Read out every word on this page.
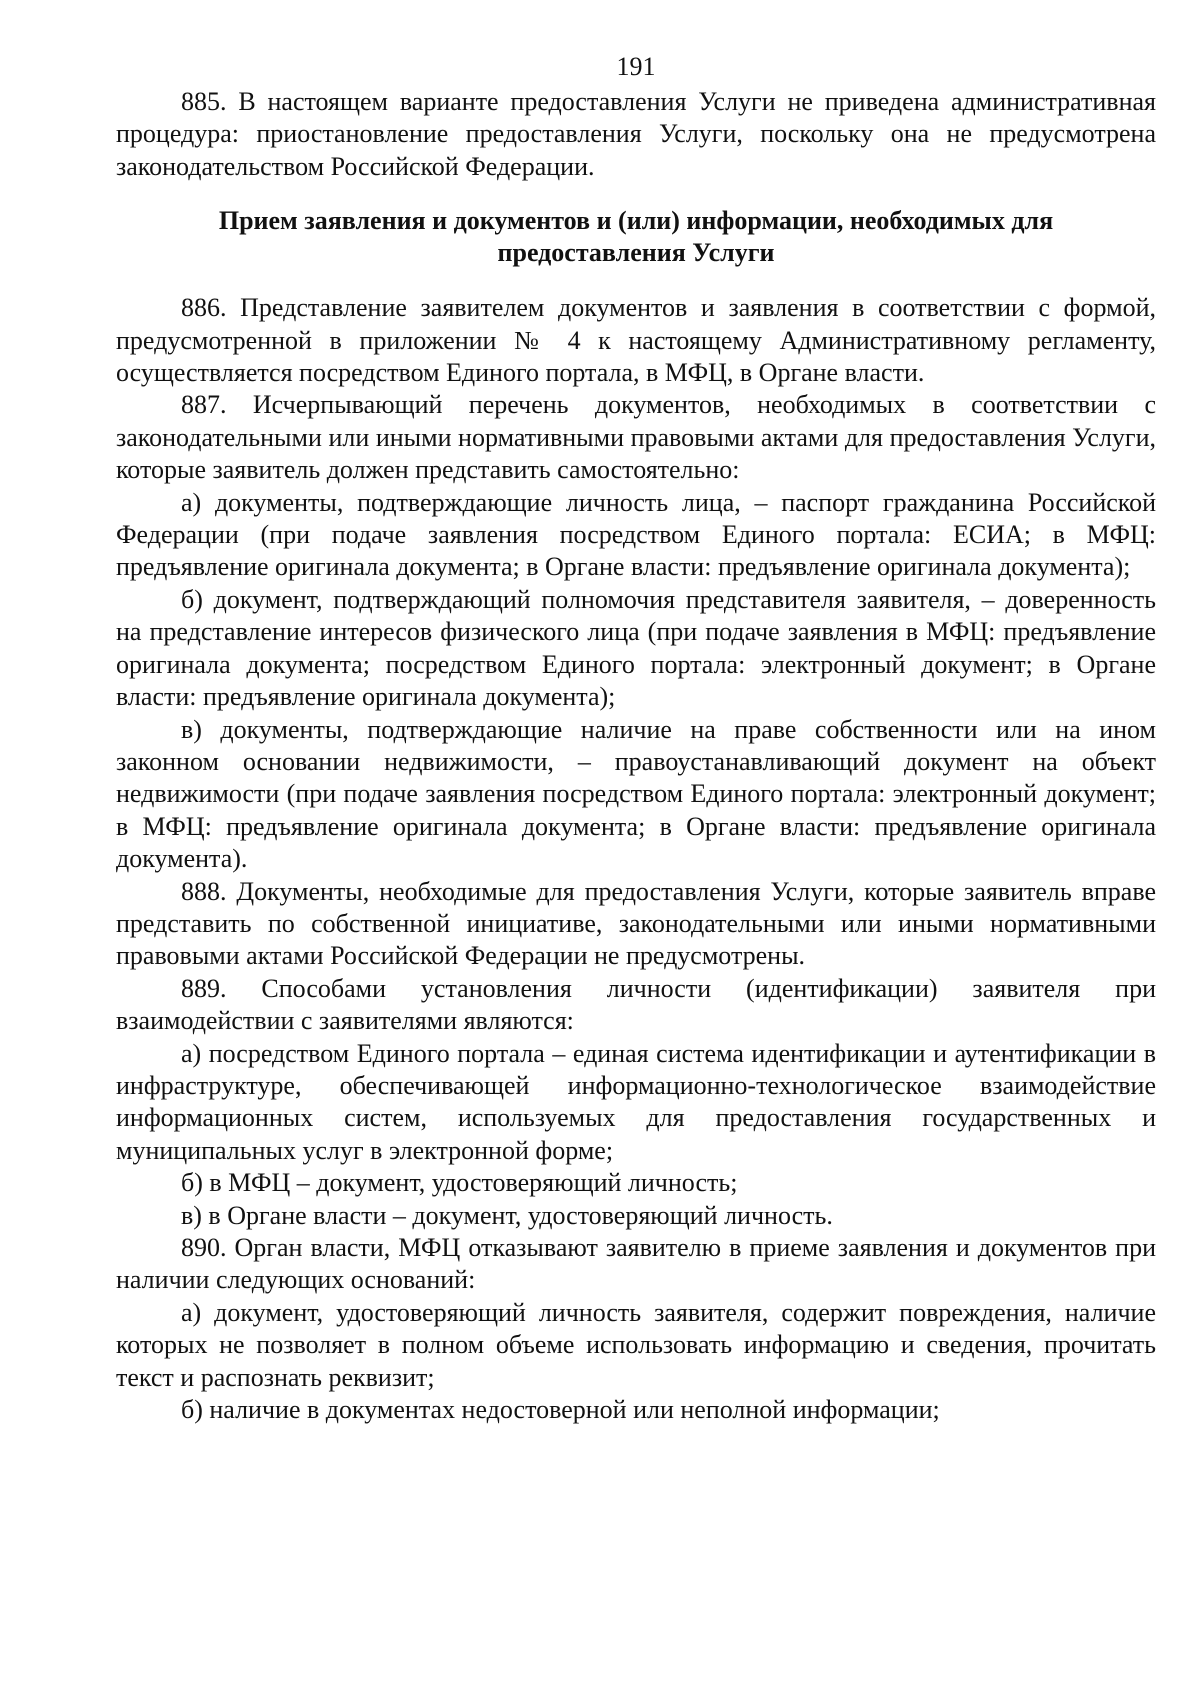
191

885. В настоящем варианте предоставления Услуги не приведена административная процедура: приостановление предоставления Услуги, поскольку она не предусмотрена законодательством Российской Федерации.

Прием заявления и документов и (или) информации, необходимых для предоставления Услуги

886. Представление заявителем документов и заявления в соответствии с формой, предусмотренной в приложении № 4 к настоящему Административному регламенту, осуществляется посредством Единого портала, в МФЦ, в Органе власти.

887. Исчерпывающий перечень документов, необходимых в соответствии с законодательными или иными нормативными правовыми актами для предоставления Услуги, которые заявитель должен представить самостоятельно:

а) документы, подтверждающие личность лица, – паспорт гражданина Российской Федерации (при подаче заявления посредством Единого портала: ЕСИА; в МФЦ: предъявление оригинала документа; в Органе власти: предъявление оригинала документа);

б) документ, подтверждающий полномочия представителя заявителя, – доверенность на представление интересов физического лица (при подаче заявления в МФЦ: предъявление оригинала документа; посредством Единого портала: электронный документ; в Органе власти: предъявление оригинала документа);

в) документы, подтверждающие наличие на праве собственности или на ином законном основании недвижимости, – правоустанавливающий документ на объект недвижимости (при подаче заявления посредством Единого портала: электронный документ; в МФЦ: предъявление оригинала документа; в Органе власти: предъявление оригинала документа).

888. Документы, необходимые для предоставления Услуги, которые заявитель вправе представить по собственной инициативе, законодательными или иными нормативными правовыми актами Российской Федерации не предусмотрены.

889. Способами установления личности (идентификации) заявителя при взаимодействии с заявителями являются:

а) посредством Единого портала – единая система идентификации и аутентификации в инфраструктуре, обеспечивающей информационно-технологическое взаимодействие информационных систем, используемых для предоставления государственных и муниципальных услуг в электронной форме;

б) в МФЦ – документ, удостоверяющий личность;

в) в Органе власти – документ, удостоверяющий личность.

890. Орган власти, МФЦ отказывают заявителю в приеме заявления и документов при наличии следующих оснований:

а) документ, удостоверяющий личность заявителя, содержит повреждения, наличие которых не позволяет в полном объеме использовать информацию и сведения, прочитать текст и распознать реквизит;

б) наличие в документах недостоверной или неполной информации;
